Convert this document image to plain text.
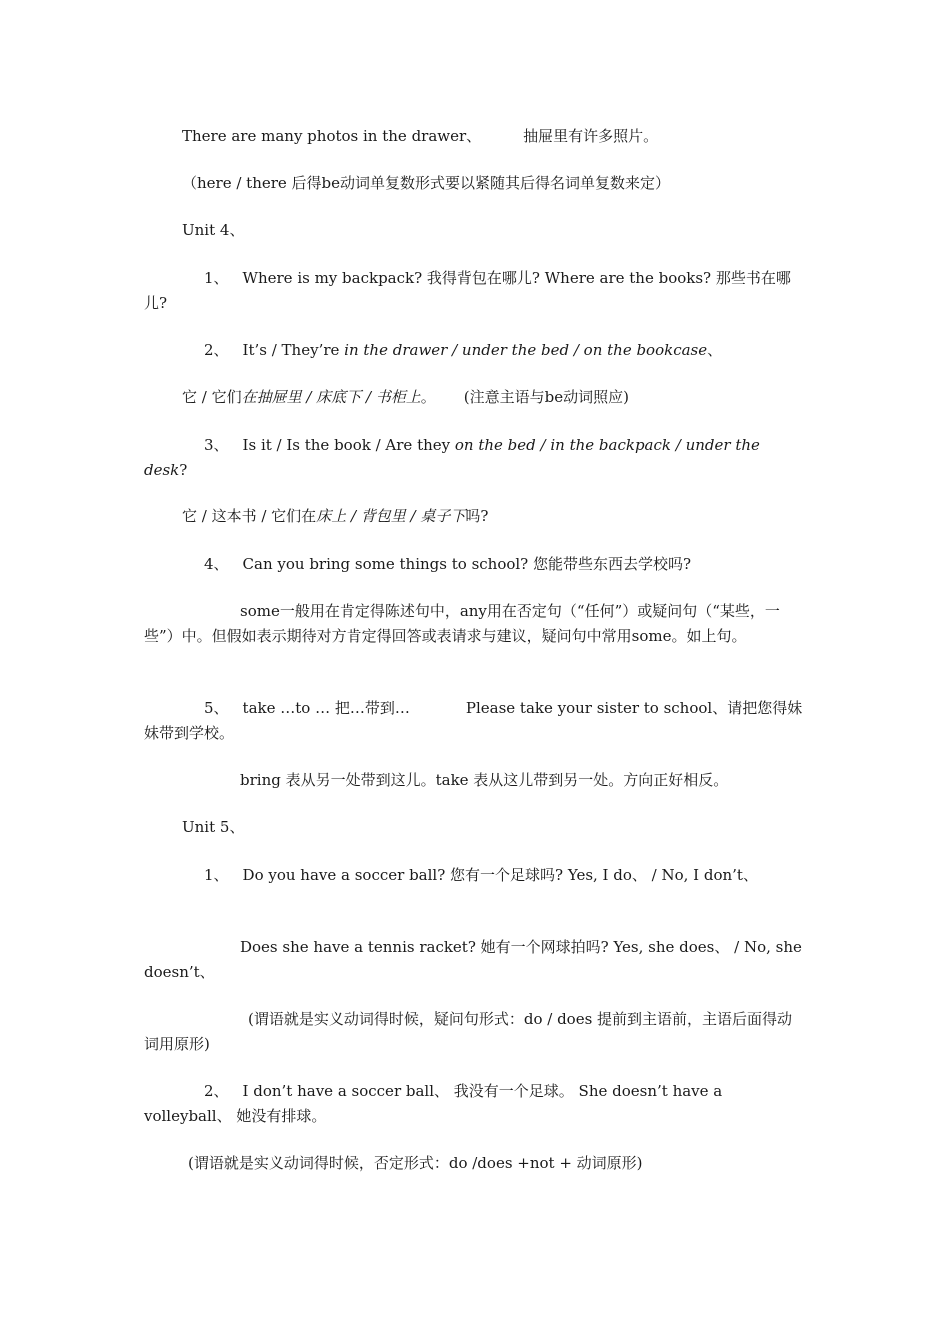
There are many photos in the drawer、	抽屉里有许多照片。

（here / there 后得be动词单复数形式要以紧随其后得名词单复数来定）

Unit 4、

1、 Where is my backpack? 我得背包在哪儿? Where are the books? 那些书在哪儿?

2、 It’s / They’re in the drawer / under the bed / on the bookcase、

它 / 它们在抽屉里 / 床底下 / 书柜上。 (注意主语与be动词照应)

3、 Is it / Is the book / Are they on the bed / in the backpack / under the desk?

它 / 这本书 / 它们在床上 / 背包里 / 桌子下吗?

4、 Can you bring some things to school? 您能带些东西去学校吗?

some一般用在肯定得陈述句中，any用在否定句（“任何”）或疑问句（“某些，一些”）中。但假如表示期待对方肯定得回答或表请求与建议，疑问句中常用some。如上句。

5、 take …to … 把…带到…	Please take your sister to school、请把您得妹妹带到学校。

bring 表从另一处带到这儿。take 表从这儿带到另一处。方向正好相反。

Unit 5、

1、 Do you have a soccer ball? 您有一个足球吗? Yes, I do、 / No, I don’t、

Does she have a tennis racket? 她有一个网球拍吗? Yes, she does、 / No, she doesn’t、

(谓语就是实义动词得时候，疑问句形式：do / does 提前到主语前，主语后面得动词用原形)

2、 I don’t have a soccer ball、 我没有一个足球。 She doesn’t have a volleyball、 她没有排球。

(谓语就是实义动词得时候，否定形式：do /does +not + 动词原形)
